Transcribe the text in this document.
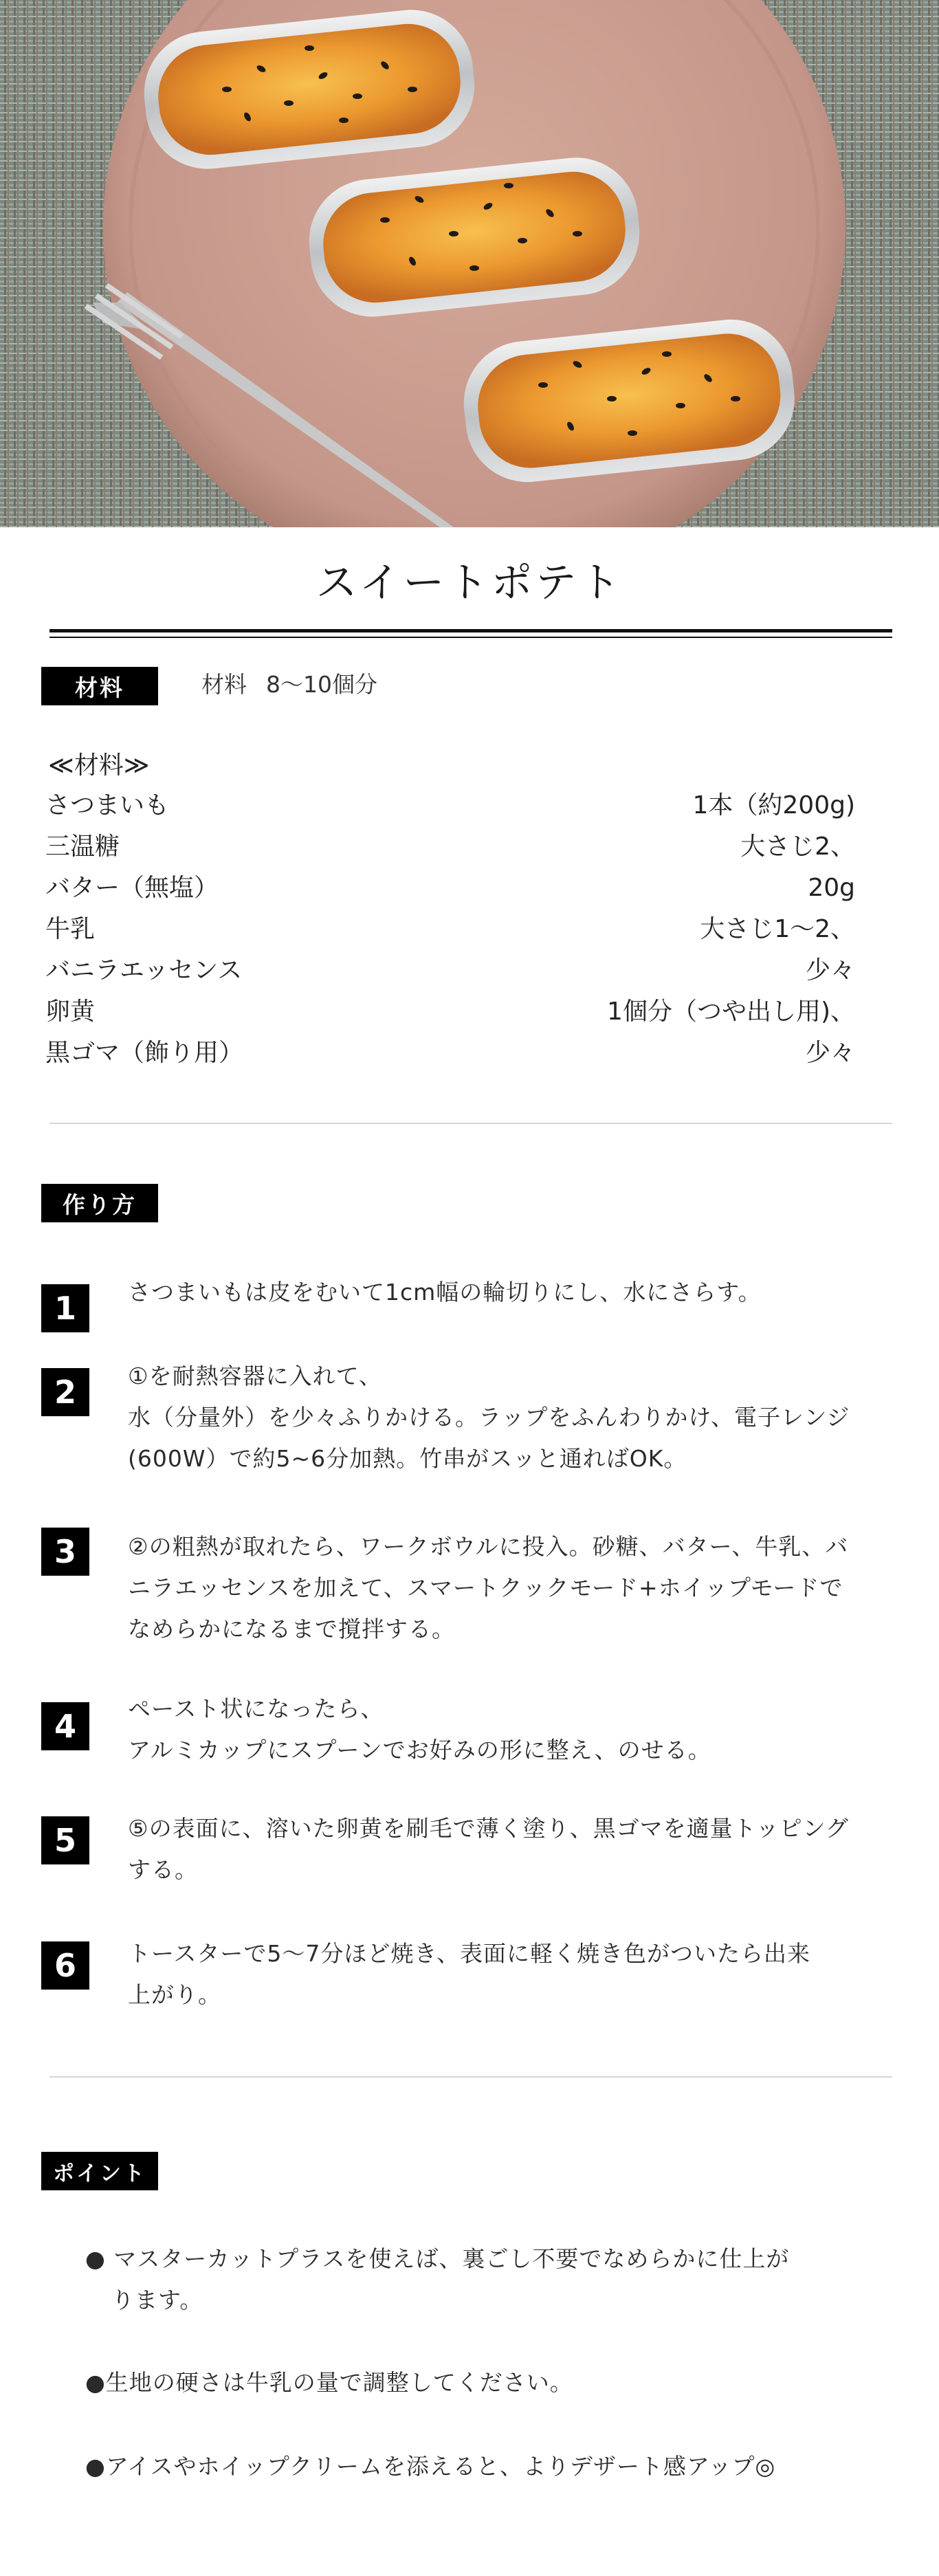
スイートポテト
材料	材料 8～10個分
≪材料≫
さつまいも	1本（約200g)
三温糖	大さじ2、
バター（無塩）	20g
牛乳	大さじ1～2、
バニラエッセンス	少々
卵黄	1個分（つや出し用)、
黒ゴマ（飾り用）	少々
作り方
1	さつまいもは皮をむいて1cm幅の輪切りにし、水にさらす。
2	①を耐熱容器に入れて、
水（分量外）を少々ふりかける。ラップをふんわりかけ、電子レンジ
(600W）で約5~6分加熱。竹串がスッと通ればOK。
3	②の粗熱が取れたら、ワークボウルに投入。砂糖、バター、牛乳、バ
ニラエッセンスを加えて、スマートクックモード+ホイップモードで
なめらかになるまで撹拌する。
4	ペースト状になったら、
アルミカップにスプーンでお好みの形に整え、のせる。
5	⑤の表面に、溶いた卵黄を刷毛で薄く塗り、黒ゴマを適量トッピング
する。
6	トースターで5～7分ほど焼き、表面に軽く焼き色がついたら出来
上がり。
ポイント
● マスターカットプラスを使えば、裏ごし不要でなめらかに仕上が
ります。
●生地の硬さは牛乳の量で調整してください。
●アイスやホイップクリームを添えると、よりデザート感アップ◎
